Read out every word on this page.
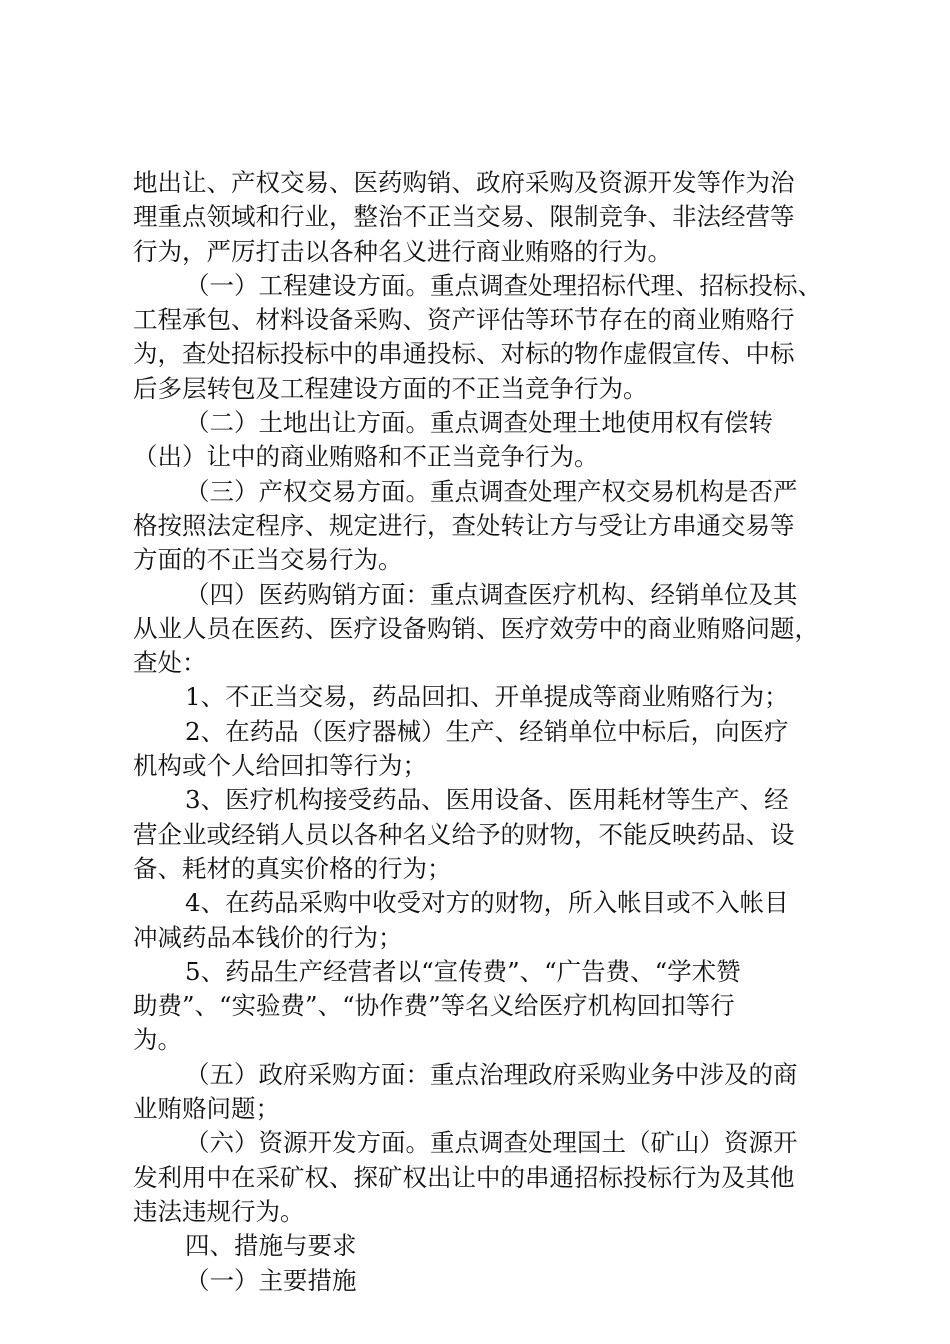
地出让、产权交易、医药购销、政府采购及资源开发等作为治
理重点领域和行业，整治不正当交易、限制竞争、非法经营等
行为，严厉打击以各种名义进行商业贿赂的行为。
（一）工程建设方面。重点调查处理招标代理、招标投标、
工程承包、材料设备采购、资产评估等环节存在的商业贿赂行
为，查处招标投标中的串通投标、对标的物作虚假宣传、中标
后多层转包及工程建设方面的不正当竞争行为。
（二）土地出让方面。重点调查处理土地使用权有偿转
（出）让中的商业贿赂和不正当竞争行为。
（三）产权交易方面。重点调查处理产权交易机构是否严
格按照法定程序、规定进行，查处转让方与受让方串通交易等
方面的不正当交易行为。
（四）医药购销方面：重点调查医疗机构、经销单位及其
从业人员在医药、医疗设备购销、医疗效劳中的商业贿赂问题，
查处：
1、不正当交易，药品回扣、开单提成等商业贿赂行为；
2、在药品（医疗器械）生产、经销单位中标后，向医疗
机构或个人给回扣等行为；
3、医疗机构接受药品、医用设备、医用耗材等生产、经
营企业或经销人员以各种名义给予的财物，不能反映药品、设
备、耗材的真实价格的行为；
4、在药品采购中收受对方的财物，所入帐目或不入帐目
冲减药品本钱价的行为；
5、药品生产经营者以“宣传费”、“广告费、“学术赞
助费”、“实验费”、“协作费”等名义给医疗机构回扣等行
为。
（五）政府采购方面：重点治理政府采购业务中涉及的商
业贿赂问题；
（六）资源开发方面。重点调查处理国土（矿山）资源开
发利用中在采矿权、探矿权出让中的串通招标投标行为及其他
违法违规行为。
四、措施与要求
（一）主要措施
